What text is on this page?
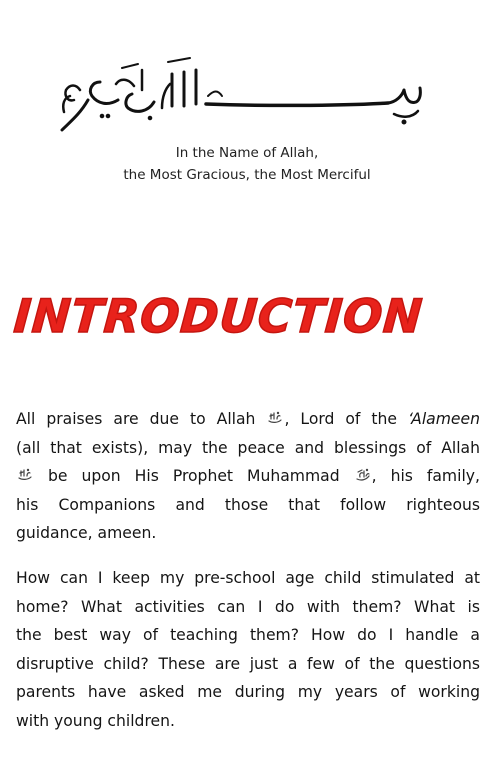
In the Name of Allah,
the Most Gracious, the Most Merciful
INTRODUCTION
All praises are due to Allah , Lord of the ‘Alameen
(all that exists), may the peace and blessings of Allah
be upon His Prophet Muhammad , his family,
his Companions and those that follow righteous
guidance, ameen.
How can I keep my pre-school age child stimulated at
home? What activities can I do with them? What is
the best way of teaching them? How do I handle a
disruptive child? These are just a few of the questions
parents have asked me during my years of working
with young children.
